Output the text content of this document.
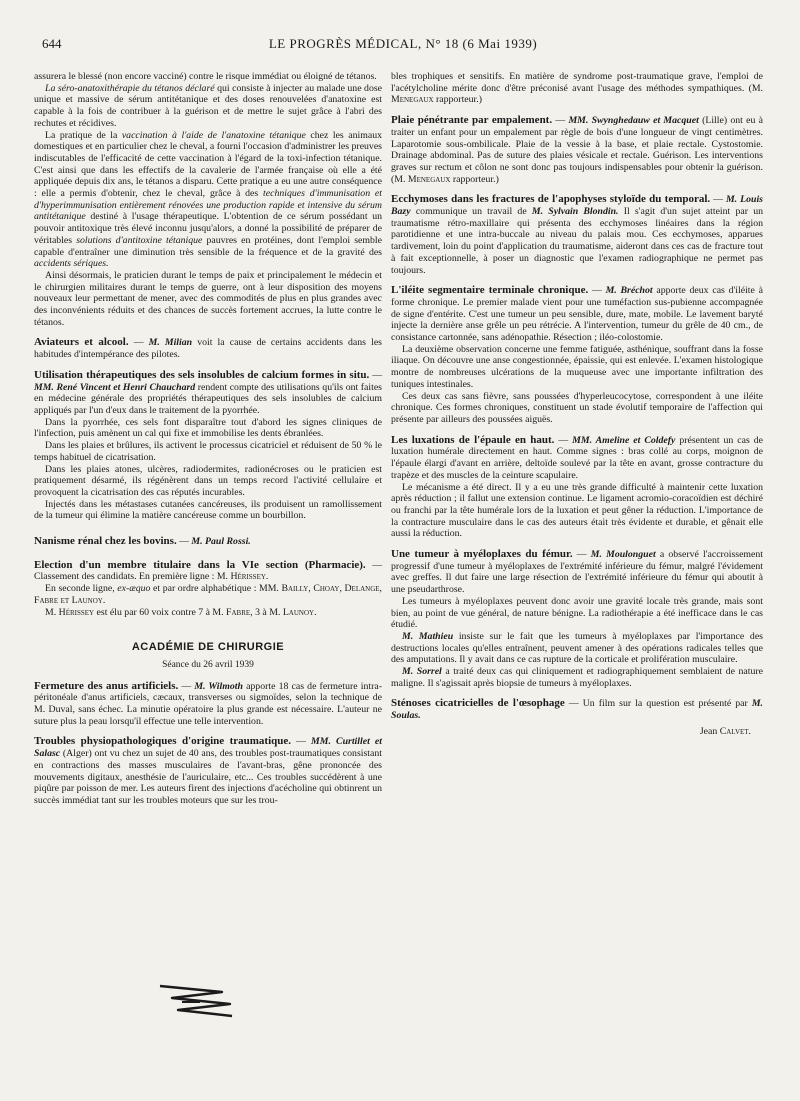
644	LE PROGRÈS MÉDICAL, N° 18 (6 Mai 1939)

assurera le blessé (non encore vacciné) contre le risque immédiat ou éloigné de tétanos.

La séro-anatoxithérapie du tétanos déclaré qui consiste à injecter au malade une dose unique et massive de sérum antitétanique et des doses renouvelées d'anatoxine est capable à la fois de contribuer à la guérison et de mettre le sujet grâce à l'abri des rechutes et récidives.

La pratique de la vaccination à l'aide de l'anatoxine tétanique chez les animaux domestiques et en particulier chez le cheval, a fourni l'occasion d'administrer les preuves indiscutables de l'efficacité de cette vaccination à l'égard de la toxi-infection tétanique. C'est ainsi que dans les effectifs de la cavalerie de l'armée française où elle a été appliquée depuis dix ans, le tétanos a disparu. Cette pratique a eu une autre conséquence : elle a permis d'obtenir, chez le cheval, grâce à des techniques d'immunisation et d'hyperimmunisation entièrement rénovées une production rapide et intensive du sérum antitétanique destiné à l'usage thérapeutique. L'obtention de ce sérum possédant un pouvoir antitoxique très élevé inconnu jusqu'alors, a donné la possibilité de préparer de véritables solutions d'antitoxine tétanique pauvres en protéines, dont l'emploi semble capable d'entraîner une diminution très sensible de la fréquence et de la gravité des accidents sériques.

Ainsi désormais, le praticien durant le temps de paix et principalement le médecin et le chirurgien militaires durant le temps de guerre, ont à leur disposition des moyens nouveaux leur permettant de mener, avec des commodités de plus en plus grandes avec des inconvénients réduits et des chances de succès fortement accrues, la lutte contre le tétanos.

Aviateurs et alcool. — M. Milian voit la cause de certains accidents dans les habitudes d'intempérance des pilotes.

Utilisation thérapeutiques des sels insolubles de calcium formes in situ. — MM. René Vincent et Henri Chauchard rendent compte des utilisations qu'ils ont faites en médecine générale des propriétés thérapeutiques des sels insolubles de calcium appliqués par l'un d'eux dans le traitement de la pyorrhée.

Dans la pyorrhée, ces sels font disparaître tout d'abord les signes cliniques de l'infection, puis amènent un cal qui fixe et immobilise les dents ébranlées.

Dans les plaies et brûlures, ils activent le processus cicatriciel et réduisent de 50 % le temps habituel de cicatrisation.

Dans les plaies atones, ulcères, radiodermites, radionécroses ou le praticien est pratiquement désarmé, ils régénèrent dans un temps record l'activité cellulaire et provoquent la cicatrisation des cas réputés incurables.

Injectés dans les métastases cutanées cancéreuses, ils produisent un ramollissement de la tumeur qui élimine la matière cancéreuse comme un bourbillon.

Nanisme rénal chez les bovins. — M. Paul Rossi.

Election d'un membre titulaire dans la VIe section (Pharmacie). — Classement des candidats. En première ligne : M. Hérissey.

En seconde ligne, ex-æquo et par ordre alphabétique : MM. Bailly, Choay, Delange, Fabre et Launoy.

M. Hérissey est élu par 60 voix contre 7 à M. Fabre, 3 à M. Launoy.

ACADÉMIE DE CHIRURGIE
Séance du 26 avril 1939

Fermeture des anus artificiels. — M. Wilmoth apporte 18 cas de fermeture intra-péritonéale d'anus artificiels, cæcaux, transverses ou sigmoïdes, selon la technique de M. Duval, sans échec. La minutie opératoire la plus grande est nécessaire. L'auteur ne suture plus la peau lorsqu'il effectue une telle intervention.

Troubles physiopathologiques d'origine traumatique. — MM. Curtillet et Salasc (Alger) ont vu chez un sujet de 40 ans, des troubles post-traumatiques consistant en contractions des masses musculaires de l'avant-bras, gêne prononcée des mouvements digitaux, anesthésie de l'auriculaire, etc... Ces troubles succédèrent à une piqûre par poisson de mer. Les auteurs firent des injections d'acécholine qui obtinrent un succès immédiat tant sur les troubles moteurs que sur les trou-

bles trophiques et sensitifs. En matière de syndrome post-traumatique grave, l'emploi de l'acétylcholine mérite donc d'être préconisé avant l'usage des méthodes sympathiques. (M. Menegaux rapporteur.)

Plaie pénétrante par empalement. — MM. Swynghedauw et Macquet (Lille) ont eu à traiter un enfant pour un empalement par règle de bois d'une longueur de vingt centimètres. Laparotomie sous-ombilicale. Plaie de la vessie à la base, et plaie rectale. Cystostomie. Drainage abdominal. Pas de suture des plaies vésicale et rectale. Guérison. Les interventions graves sur rectum et côlon ne sont donc pas toujours indispensables pour obtenir la guérison. (M. Menegaux rapporteur.)

Ecchymoses dans les fractures de l'apophyses styloïde du temporal. — M. Louis Bazy communique un travail de M. Sylvain Blondin. Il s'agit d'un sujet atteint par un traumatisme rétro-maxillaire qui présenta des ecchymoses linéaires dans la région parotidienne et une intra-buccale au niveau du palais mou. Ces ecchymoses, apparues tardivement, loin du point d'application du traumatisme, aideront dans ces cas de fracture tout à fait exceptionnelle, à poser un diagnostic que l'examen radiographique ne permet pas toujours.

L'iléite segmentaire terminale chronique. — M. Bréchot apporte deux cas d'iléite à forme chronique. Le premier malade vient pour une tuméfaction sus-pubienne accompagnée de signe d'entérite. C'est une tumeur un peu sensible, dure, mate, mobile. Le lavement baryté injecte la dernière anse grêle un peu rétrécie. A l'intervention, tumeur du grêle de 40 cm., de consistance cartonnée, sans adénopathie. Résection ; iléo-colostomie.

La deuxième observation concerne une femme fatiguée, asthénique, souffrant dans la fosse iliaque. On découvre une anse congestionnée, épaissie, qui est enlevée. L'examen histologique montre de nombreuses ulcérations de la muqueuse avec une importante infiltration des tuniques intestinales.

Ces deux cas sans fièvre, sans poussées d'hyperleucocytose, correspondent à une iléite chronique. Ces formes chroniques, constituent un stade évolutif temporaire de l'affection qui présente par ailleurs des poussées aiguës.

Les luxations de l'épaule en haut. — MM. Ameline et Coldefy présentent un cas de luxation humérale directement en haut. Comme signes : bras collé au corps, moignon de l'épaule élargi d'avant en arrière, deltoïde soulevé par la tête en avant, grosse contracture du trapèze et des muscles de la ceinture scapulaire.

Le mécanisme a été direct. Il y a eu une très grande difficulté à maintenir cette luxation après réduction ; il fallut une extension continue. Le ligament acromio-coracoïdien est déchiré ou franchi par la tête humérale lors de la luxation et peut gêner la réduction. L'importance de la contracture musculaire dans le cas des auteurs était très évidente et durable, et gênait elle aussi la réduction.

Une tumeur à myéloplaxes du fémur. — M. Moulonguet a observé l'accroissement progressif d'une tumeur à myéloplaxes de l'extrémité inférieure du fémur, malgré l'évidement avec greffes. Il dut faire une large résection de l'extrémité inférieure du fémur qui aboutit à une pseudarthrose.

Les tumeurs à myéloplaxes peuvent donc avoir une gravité locale très grande, mais sont bien, au point de vue général, de nature bénigne. La radiothérapie a été inefficace dans le cas étudié.

M. Mathieu insiste sur le fait que les tumeurs à myéloplaxes par l'importance des destructions locales qu'elles entraînent, peuvent amener à des opérations radicales telles que des amputations. Il y avait dans ce cas rupture de la corticale et prolifération musculaire.

M. Sorrel a traité deux cas qui cliniquement et radiographiquement semblaient de nature maligne. Il s'agissait après biopsie de tumeurs à myéloplaxes.

Sténoses cicatricielles de l'œsophage — Un film sur la question est présenté par M. Soulas.

Jean Calvet.
